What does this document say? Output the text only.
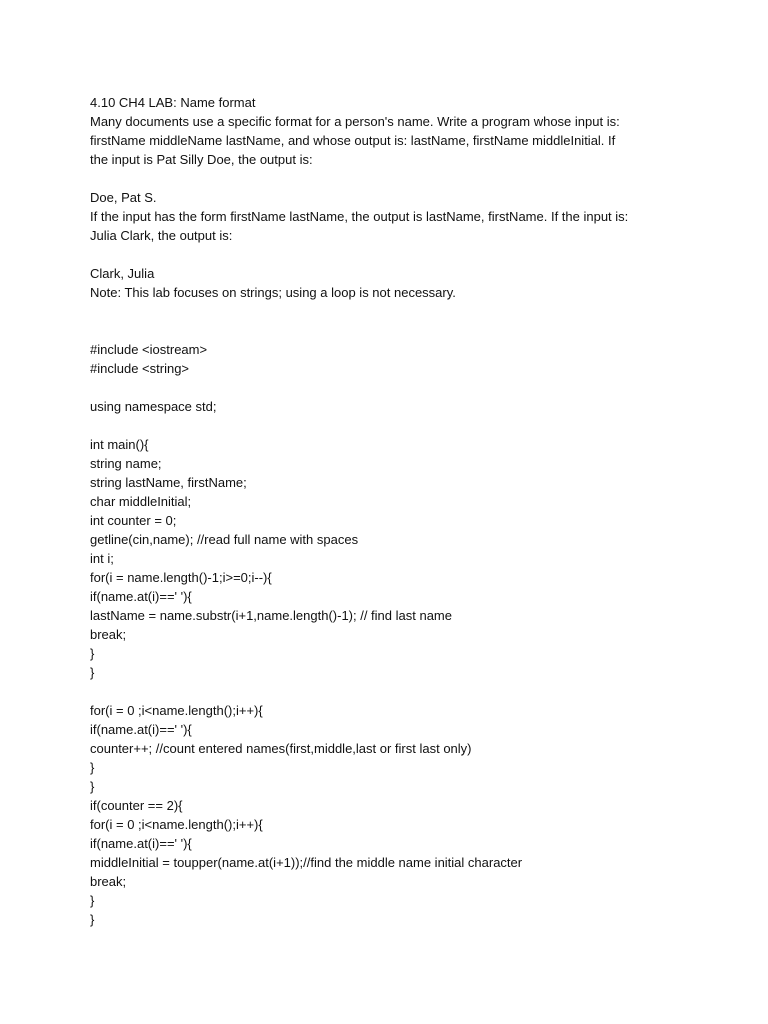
4.10 CH4 LAB: Name format
Many documents use a specific format for a person's name. Write a program whose input is:
firstName middleName lastName, and whose output is: lastName, firstName middleInitial. If
the input is Pat Silly Doe, the output is:
Doe, Pat S.
If the input has the form firstName lastName, the output is lastName, firstName. If the input is:
Julia Clark, the output is:
Clark, Julia
Note: This lab focuses on strings; using a loop is not necessary.
#include <iostream>
#include <string>
using namespace std;
int main(){
string name;
string lastName, firstName;
char middleInitial;
int counter = 0;
getline(cin,name); //read full name with spaces
int i;
for(i = name.length()-1;i>=0;i--){
if(name.at(i)==' '){
lastName = name.substr(i+1,name.length()-1); // find last name
break;
}
}
for(i = 0 ;i<name.length();i++){
if(name.at(i)==' '){
counter++; //count entered names(first,middle,last or first last only)
}
}
if(counter == 2){
for(i = 0 ;i<name.length();i++){
if(name.at(i)==' '){
middleInitial = toupper(name.at(i+1));//find the middle name initial character
break;
}
}
